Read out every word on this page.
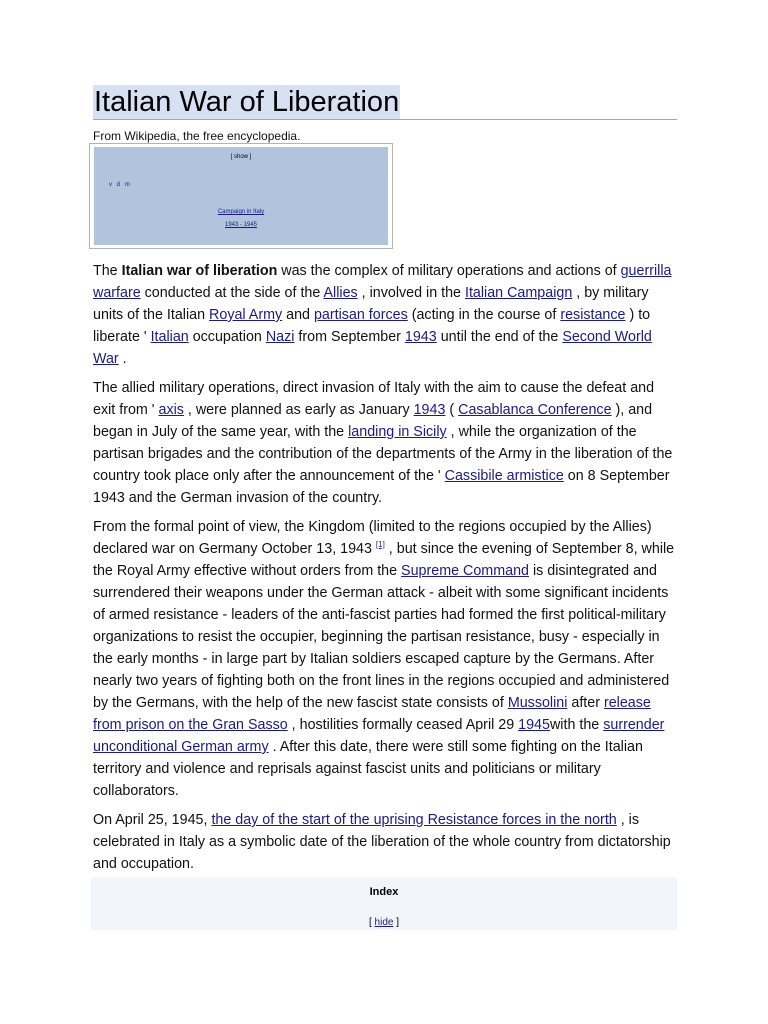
Italian War of Liberation

From Wikipedia, the free encyclopedia.

[ show ]
v d m
Campaign in Italy
1943 - 1945

The Italian war of liberation was the complex of military operations and actions of guerrilla warfare conducted at the side of the Allies , involved in the Italian Campaign , by military units of the Italian Royal Army and partisan forces (acting in the course of resistance ) to liberate ' Italian occupation Nazi from September 1943 until the end of the Second World War .

The allied military operations, direct invasion of Italy with the aim to cause the defeat and exit from ' axis , were planned as early as January 1943 ( Casablanca Conference ), and began in July of the same year, with the landing in Sicily , while the organization of the partisan brigades and the contribution of the departments of the Army in the liberation of the country took place only after the announcement of the ' Cassibile armistice on 8 September 1943 and the German invasion of the country.

From the formal point of view, the Kingdom (limited to the regions occupied by the Allies) declared war on Germany October 13, 1943 [1] , but since the evening of September 8, while the Royal Army effective without orders from the Supreme Command is disintegrated and surrendered their weapons under the German attack - albeit with some significant incidents of armed resistance - leaders of the anti-fascist parties had formed the first political-military organizations to resist the occupier, beginning the partisan resistance, busy - especially in the early months - in large part by Italian soldiers escaped capture by the Germans. After nearly two years of fighting both on the front lines in the regions occupied and administered by the Germans, with the help of the new fascist state consists of Mussolini after release from prison on the Gran Sasso , hostilities formally ceased April 29 1945with the surrender unconditional German army . After this date, there were still some fighting on the Italian territory and violence and reprisals against fascist units and politicians or military collaborators.

On April 25, 1945, the day of the start of the uprising Resistance forces in the north , is celebrated in Italy as a symbolic date of the liberation of the whole country from dictatorship and occupation.

Index
[ hide ]
